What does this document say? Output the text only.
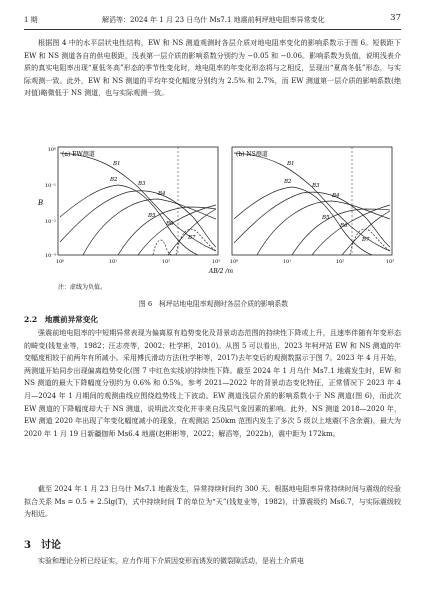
1 期	解滔等：2024 年 1 月 23 日乌什 Ms7.1 地震前柯坪地电阻率异常变化	37

根据图 4 中的水平层状电性结构，EW 和 NS 测道观测时各层介质对地电阻率变化的影响系数示于图 6。短极距下 EW 和 NS 测道各自的供电极距，浅表第一层介质的影响系数分别约为 −0.05 和 −0.06。影响系数为负值，说明浅表介质的真实电阻率出现“夏低冬高”形态的季节性变化时，地电阻率的年变化形态将与之相反，呈现出“夏高冬低”形态，与实际观测一致。此外，EW 和 NS 测道的平均年变化幅度分别约为 2.5% 和 2.7%，而 EW 测道第一层介质的影响系数(绝对值)略微低于 NS 测道，也与实际观测一致。

B
(a) EW测道
B1
B2
B3
B4
B5
B6
B7
10⁰
10⁻¹
10⁻²
10⁻³
10⁰	10¹	10²	10³
(b) NS测道
B1
B2
B3
B4
B5
B6
B7
10⁰	10¹	10²	10³
AB/2 /m
注：虚线为负值。
图 6　柯坪站地电阻率观测时各层介质的影响系数
2.2　地震前异常变化

强震前地电阻率的中短期异常表现为偏离原有趋势变化及背景动态范围的持续性下降或上升，且速率伴随有年变形态的畸变(钱复业等，1982；汪志亮等，2002；杜学彬，2010)。从图 5 可以看出，2023 年柯坪站 EW 和 NS 测道的年变幅度相较于前两年有所减小。采用傅氏滑动方法(杜学彬等，2017)去年变后的观测数据示于图 7。2023 年 4 月开始，两测道开始同步出现偏离趋势变化(图 7 中红色实线)的持续性下降。截至 2024 年 1 月乌什 Ms7.1 地震发生时，EW 和 NS 测道的最大下降幅度分别约为 0.6% 和 0.5%。参考 2021—2022 年的背景动态变化特征，正常情况下 2023 年 4 月—2024 年 1 月期间的观测曲线应围绕趋势线上下波动。EW 测道浅层介质的影响系数小于 NS 测道(图 6)，而此次 EW 测道的下降幅度却大于 NS 测道，说明此次变化并非来自浅层气象因素的影响。此外，NS 测道 2018—2020 年，EW 测道 2020 年出现了年变化幅度减小的现象，在观测站 250km 范围内发生了多次 5 级以上地震(不含余震)，最大为 2020 年 1 月 19 日新疆伽师 Ms6.4 地震(赵彬彬等，2022；解滔等，2022b)，震中距为 172km。

截至 2024 年 1 月 23 日乌什 Ms7.1 地震发生，异常持续时间约 300 天。根据地电阻率异常持续时间与震级的经验拟合关系 Ms = 0.5 + 2.5lg(T)，式中持续时间 T 的单位为“天”(钱复业等，1982)，计算震级约 Ms6.7，与实际震级较为相近。

3　讨论

实验和理论分析已经证实，应力作用下介质因变形而诱发的微裂隙活动，是岩土介质电
